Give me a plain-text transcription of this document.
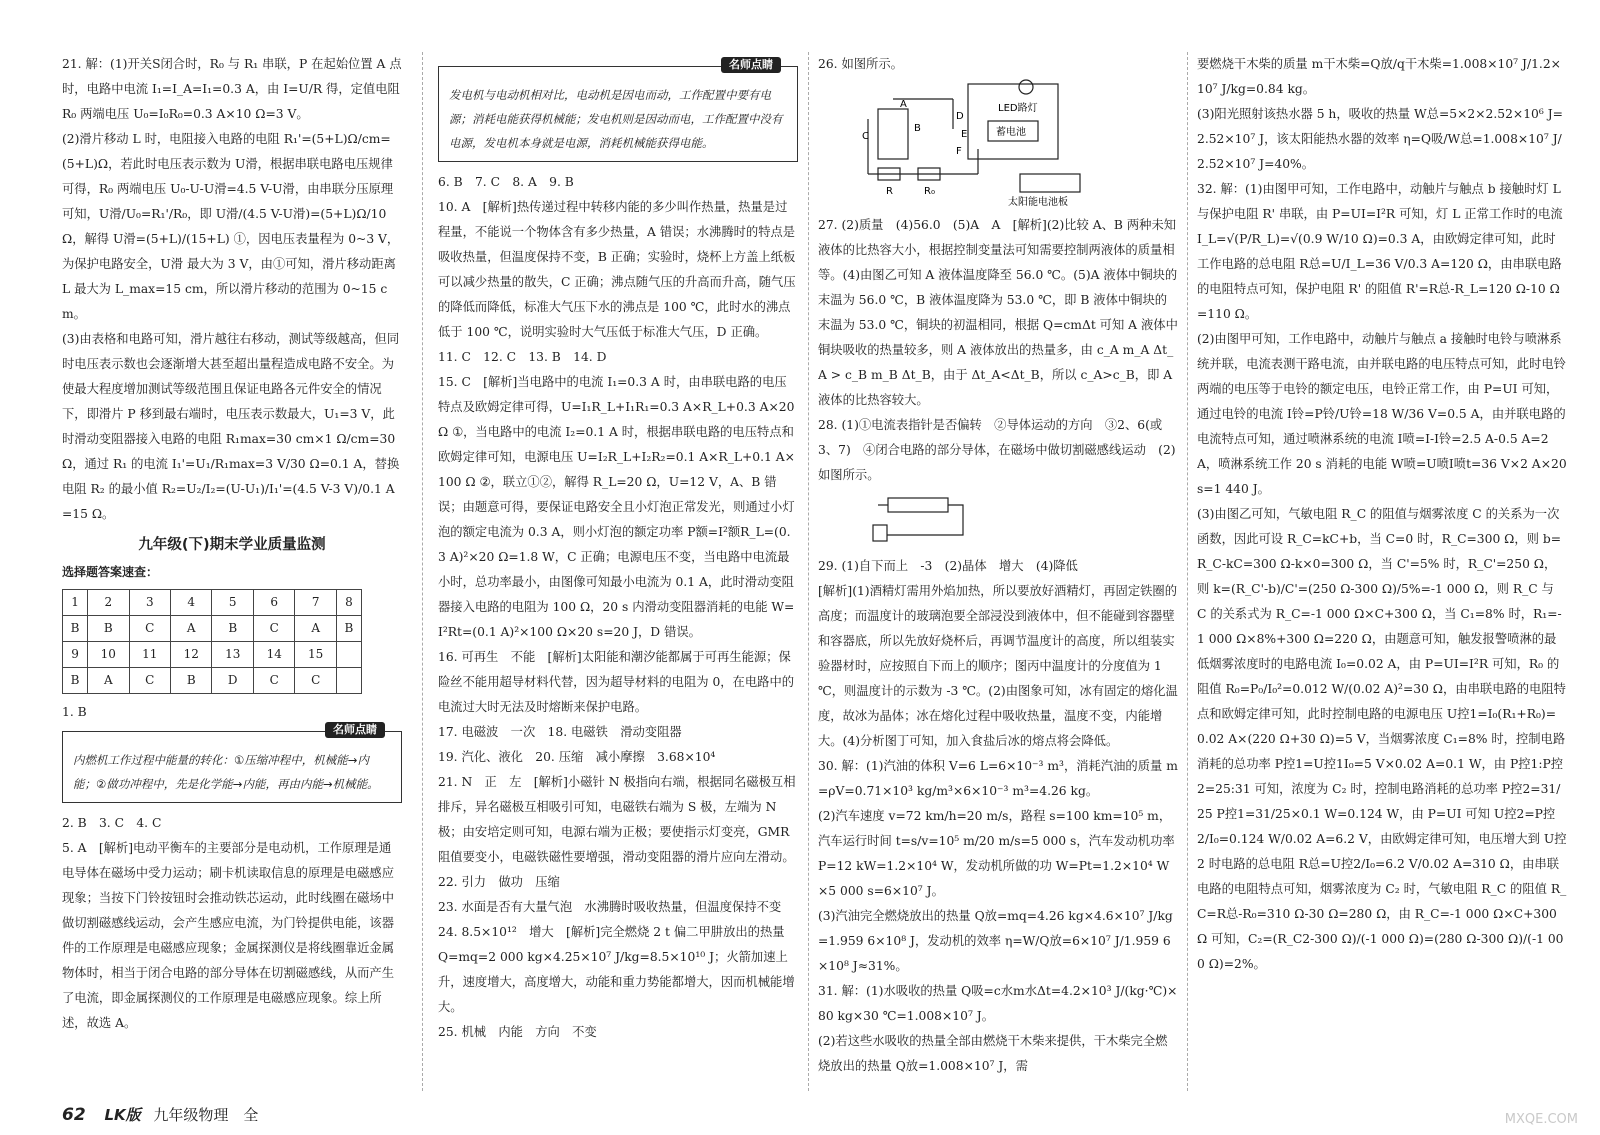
21. 解：(1)开关S闭合时，R₀ 与 R₁ 串联，P 在起始位置 A 点时，电路中电流 I₁=I_A=I₁=0.3 A，由 I=U/R 得，定值电阻 R₀ 两端电压 U₀=I₀R₀=0.3 A×10 Ω=3 V。

(2)滑片移动 L 时，电阻接入电路的电阻 R₁'=(5+L)Ω/cm=(5+L)Ω，若此时电压表示数为 U滑，根据串联电路电压规律可得，R₀ 两端电压 U₀-U-U滑=4.5 V-U滑，由串联分压原理可知，U滑/U₀=R₁'/R₀，即 U滑/(4.5 V-U滑)=(5+L)Ω/10 Ω，解得 U滑=(5+L)/(15+L) ①，因电压表量程为 0~3 V，为保护电路安全，U滑 最大为 3 V，由①可知，滑片移动距离 L 最大为 L_max=15 cm，所以滑片移动的范围为 0~15 cm。

(3)由表格和电路可知，滑片越往右移动，测试等级越高，但同时电压表示数也会逐渐增大甚至超出量程造成电路不安全。为使最大程度增加测试等级范围且保证电路各元件安全的情况下，即滑片 P 移到最右端时，电压表示数最大，U₁=3 V，此时滑动变阻器接入电路的电阻 R₁max=30 cm×1 Ω/cm=30 Ω，通过 R₁ 的电流 I₁'=U₁/R₁max=3 V/30 Ω=0.1 A，替换电阻 R₂ 的最小值 R₂=U₂/I₂=(U-U₁)/I₁'=(4.5 V-3 V)/0.1 A=15 Ω。

九年级(下)期末学业质量监测
选择题答案速查：
1	2	3	4	5	6	7	8
B	B	C	A	B	C	A	B
9	10	11	12	13	14	15	
B	A	C	B	D	C	C	

1. B

名师点睛

内燃机工作过程中能量的转化：①压缩冲程中，机械能→内能；②做功冲程中，先是化学能→内能，再由内能→机械能。

2. B　3. C　4. C

5. A　[解析]电动平衡车的主要部分是电动机，工作原理是通电导体在磁场中受力运动；刷卡机读取信息的原理是电磁感应现象；当按下门铃按钮时会推动铁芯运动，此时线圈在磁场中做切割磁感线运动，会产生感应电流，为门铃提供电能，该器件的工作原理是电磁感应现象；金属探测仪是将线圈靠近金属物体时，相当于闭合电路的部分导体在切割磁感线，从而产生了电流，即金属探测仪的工作原理是电磁感应现象。综上所述，故选 A。

名师点睛

发电机与电动机相对比，电动机是因电而动，工作配置中要有电源；消耗电能获得机械能；发电机则是因动而电，工作配置中没有电源，发电机本身就是电源，消耗机械能获得电能。

6. B　7. C　8. A　9. B

10. A　[解析]热传递过程中转移内能的多少叫作热量，热量是过程量，不能说一个物体含有多少热量，A 错误；水沸腾时的特点是吸收热量，但温度保持不变，B 正确；实验时，烧杯上方盖上纸板可以减少热量的散失，C 正确；沸点随气压的升高而升高，随气压的降低而降低，标准大气压下水的沸点是 100 ℃，此时水的沸点低于 100 ℃，说明实验时大气压低于标准大气压，D 正确。

11. C　12. C　13. B　14. D

15. C　[解析]当电路中的电流 I₁=0.3 A 时，由串联电路的电压特点及欧姆定律可得，U=I₁R_L+I₁R₁=0.3 A×R_L+0.3 A×20 Ω ①，当电路中的电流 I₂=0.1 A 时，根据串联电路的电压特点和欧姆定律可知，电源电压 U=I₂R_L+I₂R₂=0.1 A×R_L+0.1 A×100 Ω ②，联立①②，解得 R_L=20 Ω，U=12 V，A、B 错误；由题意可得，要保证电路安全且小灯泡正常发光，则通过小灯泡的额定电流为 0.3 A，则小灯泡的额定功率 P额=I²额R_L=(0.3 A)²×20 Ω=1.8 W，C 正确；电源电压不变，当电路中电流最小时，总功率最小，由图像可知最小电流为 0.1 A，此时滑动变阻器接入电路的电阻为 100 Ω，20 s 内滑动变阻器消耗的电能 W=I²Rt=(0.1 A)²×100 Ω×20 s=20 J，D 错误。

16. 可再生　不能　[解析]太阳能和潮汐能都属于可再生能源；保险丝不能用超导材料代替，因为超导材料的电阻为 0，在电路中的电流过大时无法及时熔断来保护电路。

17. 电磁波　一次　18. 电磁铁　滑动变阻器

19. 汽化、液化　20. 压缩　减小摩擦　3.68×10⁴

21. N　正　左　[解析]小磁针 N 极指向右端，根据同名磁极互相排斥，异名磁极互相吸引可知，电磁铁右端为 S 极，左端为 N 极；由安培定则可知，电源右端为正极；要使指示灯变亮，GMR 阻值要变小，电磁铁磁性要增强，滑动变阻器的滑片应向左滑动。

22. 引力　做功　压缩

23. 水面是否有大量气泡　水沸腾时吸收热量，但温度保持不变

24. 8.5×10¹²　增大　[解析]完全燃烧 2 t 偏二甲肼放出的热量 Q=mq=2 000 kg×4.25×10⁷ J/kg=8.5×10¹⁰ J；火箭加速上升，速度增大，高度增大，动能和重力势能都增大，因而机械能增大。

25. 机械　内能　方向　不变

26. 如图所示。

C
A
B
D
E
F
R	R₀
LED路灯
蓄电池
太阳能电池板

27. (2)质量　(4)56.0　(5)A　A　[解析](2)比较 A、B 两种未知液体的比热容大小，根据控制变量法可知需要控制两液体的质量相等。(4)由图乙可知 A 液体温度降至 56.0 ℃。(5)A 液体中铜块的末温为 56.0 ℃，B 液体温度降为 53.0 ℃，即 B 液体中铜块的末温为 53.0 ℃，铜块的初温相同，根据 Q=cmΔt 可知 A 液体中铜块吸收的热量较多，则 A 液体放出的热量多，由 c_A m_A Δt_A > c_B m_B Δt_B，由于 Δt_A<Δt_B，所以 c_A>c_B，即 A 液体的比热容较大。

28. (1)①电流表指针是否偏转　②导体运动的方向　③2、6(或 3、7)　④闭合电路的部分导体，在磁场中做切割磁感线运动　(2)如图所示。

29. (1)自下而上　-3　(2)晶体　增大　(4)降低

[解析](1)酒精灯需用外焰加热，所以要放好酒精灯，再固定铁圈的高度；而温度计的玻璃泡要全部浸没到液体中，但不能碰到容器壁和容器底，所以先放好烧杯后，再调节温度计的高度，所以组装实验器材时，应按照自下而上的顺序；图丙中温度计的分度值为 1 ℃，则温度计的示数为 -3 ℃。(2)由图象可知，冰有固定的熔化温度，故冰为晶体；冰在熔化过程中吸收热量，温度不变，内能增大。(4)分析图丁可知，加入食盐后冰的熔点将会降低。

30. 解：(1)汽油的体积 V=6 L=6×10⁻³ m³，消耗汽油的质量 m=ρV=0.71×10³ kg/m³×6×10⁻³ m³=4.26 kg。

(2)汽车速度 v=72 km/h=20 m/s，路程 s=100 km=10⁵ m，汽车运行时间 t=s/v=10⁵ m/20 m/s=5 000 s，汽车发动机功率 P=12 kW=1.2×10⁴ W，发动机所做的功 W=Pt=1.2×10⁴ W×5 000 s=6×10⁷ J。

(3)汽油完全燃烧放出的热量 Q放=mq=4.26 kg×4.6×10⁷ J/kg=1.959 6×10⁸ J，发动机的效率 η=W/Q放=6×10⁷ J/1.959 6×10⁸ J≈31%。

31. 解：(1)水吸收的热量 Q吸=c水m水Δt=4.2×10³ J/(kg·℃)×80 kg×30 ℃=1.008×10⁷ J。

(2)若这些水吸收的热量全部由燃烧干木柴来提供，干木柴完全燃烧放出的热量 Q放=1.008×10⁷ J，需

要燃烧干木柴的质量 m干木柴=Q放/q干木柴=1.008×10⁷ J/1.2×10⁷ J/kg=0.84 kg。

(3)阳光照射该热水器 5 h，吸收的热量 W总=5×2×2.52×10⁶ J=2.52×10⁷ J，该太阳能热水器的效率 η=Q吸/W总=1.008×10⁷ J/2.52×10⁷ J=40%。

32. 解：(1)由图甲可知，工作电路中，动触片与触点 b 接触时灯 L 与保护电阻 R' 串联，由 P=UI=I²R 可知，灯 L 正常工作时的电流 I_L=√(P/R_L)=√(0.9 W/10 Ω)=0.3 A，由欧姆定律可知，此时工作电路的总电阻 R总=U/I_L=36 V/0.3 A=120 Ω，由串联电路的电阻特点可知，保护电阻 R' 的阻值 R'=R总-R_L=120 Ω-10 Ω=110 Ω。

(2)由图甲可知，工作电路中，动触片与触点 a 接触时电铃与喷淋系统并联，电流表测干路电流，由并联电路的电压特点可知，此时电铃两端的电压等于电铃的额定电压，电铃正常工作，由 P=UI 可知，通过电铃的电流 I铃=P铃/U铃=18 W/36 V=0.5 A，由并联电路的电流特点可知，通过喷淋系统的电流 I喷=I-I铃=2.5 A-0.5 A=2 A，喷淋系统工作 20 s 消耗的电能 W喷=U喷I喷t=36 V×2 A×20 s=1 440 J。

(3)由图乙可知，气敏电阻 R_C 的阻值与烟雾浓度 C 的关系为一次函数，因此可设 R_C=kC+b，当 C=0 时，R_C=300 Ω，则 b=R_C-kC=300 Ω-k×0=300 Ω，当 C'=5% 时，R_C'=250 Ω，则 k=(R_C'-b)/C'=(250 Ω-300 Ω)/5%=-1 000 Ω，则 R_C 与 C 的关系式为 R_C=-1 000 Ω×C+300 Ω，当 C₁=8% 时，R₁=-1 000 Ω×8%+300 Ω=220 Ω，由题意可知，触发报警喷淋的最低烟雾浓度时的电路电流 I₀=0.02 A，由 P=UI=I²R 可知，R₀ 的阻值 R₀=P₀/I₀²=0.012 W/(0.02 A)²=30 Ω，由串联电路的电阻特点和欧姆定律可知，此时控制电路的电源电压 U控1=I₀(R₁+R₀)=0.02 A×(220 Ω+30 Ω)=5 V，当烟雾浓度 C₁=8% 时，控制电路消耗的总功率 P控1=U控1I₀=5 V×0.02 A=0.1 W，由 P控1:P控2=25:31 可知，浓度为 C₂ 时，控制电路消耗的总功率 P控2=31/25 P控1=31/25×0.1 W=0.124 W，由 P=UI 可知 U控2=P控2/I₀=0.124 W/0.02 A=6.2 V，由欧姆定律可知，电压增大到 U控2 时电路的总电阻 R总=U控2/I₀=6.2 V/0.02 A=310 Ω，由串联电路的电阻特点可知，烟雾浓度为 C₂ 时，气敏电阻 R_C 的阻值 R_C=R总-R₀=310 Ω-30 Ω=280 Ω，由 R_C=-1 000 Ω×C+300 Ω 可知，C₂=(R_C2-300 Ω)/(-1 000 Ω)=(280 Ω-300 Ω)/(-1 000 Ω)=2%。

62 LK版 九年级物理　全	MXQE.COM
